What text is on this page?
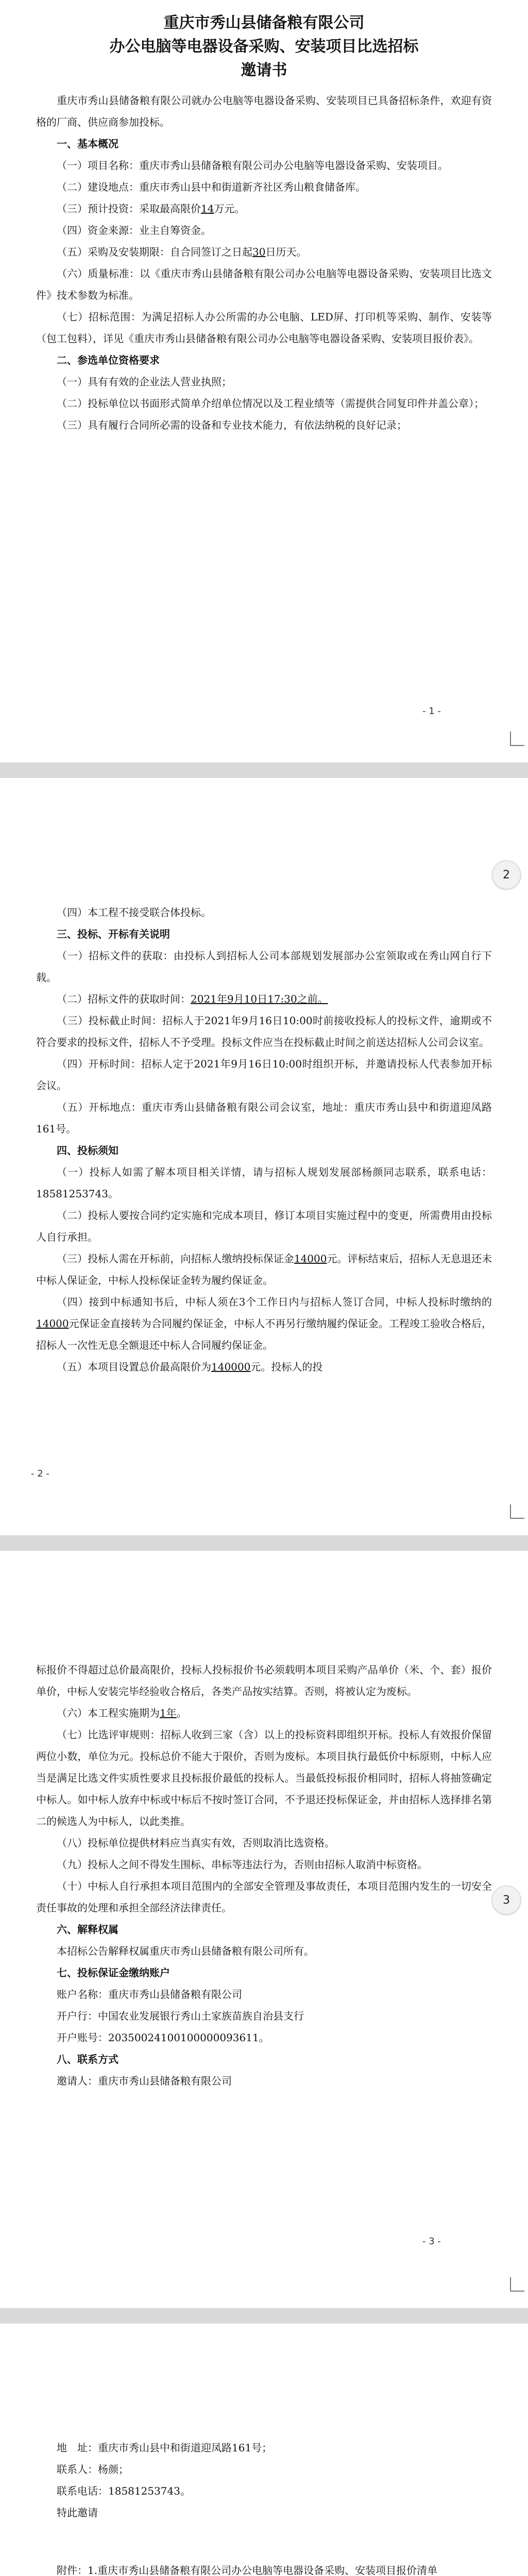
重庆市秀山县储备粮有限公司
办公电脑等电器设备采购、安装项目比选招标
邀请书

重庆市秀山县储备粮有限公司就办公电脑等电器设备采购、安装项目已具备招标条件，欢迎有资格的厂商、供应商参加投标。

一、基本概况

（一）项目名称：重庆市秀山县储备粮有限公司办公电脑等电器设备采购、安装项目。

（二）建设地点：重庆市秀山县中和街道新齐社区秀山粮食储备库。

（三）预计投资：采取最高限价14万元。

（四）资金来源：业主自筹资金。

（五）采购及安装期限：自合同签订之日起30日历天。

（六）质量标准：以《重庆市秀山县储备粮有限公司办公电脑等电器设备采购、安装项目比选文件》技术参数为标准。

（七）招标范围：为满足招标人办公所需的办公电脑、LED屏、打印机等采购、制作、安装等（包工包料），详见《重庆市秀山县储备粮有限公司办公电脑等电器设备采购、安装项目报价表》。

二、参选单位资格要求

（一）具有有效的企业法人营业执照；

（二）投标单位以书面形式简单介绍单位情况以及工程业绩等（需提供合同复印件并盖公章）；

（三）具有履行合同所必需的设备和专业技术能力，有依法纳税的良好记录；

- 1 -
2

（四）本工程不接受联合体投标。

三、投标、开标有关说明

（一）招标文件的获取：由投标人到招标人公司本部规划发展部办公室领取或在秀山网自行下载。

（二）招标文件的获取时间：2021年9月10日17:30之前。

（三）投标截止时间：招标人于2021年9月16日10:00时前接收投标人的投标文件，逾期或不符合要求的投标文件，招标人不予受理。投标文件应当在投标截止时间之前送达招标人公司会议室。

（四）开标时间：招标人定于2021年9月16日10:00时组织开标，并邀请投标人代表参加开标会议。

（五）开标地点：重庆市秀山县储备粮有限公司会议室，地址：重庆市秀山县中和街道迎凤路161号。

四、投标须知

（一）投标人如需了解本项目相关详情，请与招标人规划发展部杨颜同志联系，联系电话：18581253743。

（二）投标人要按合同约定实施和完成本项目，修订本项目实施过程中的变更，所需费用由投标人自行承担。

（三）投标人需在开标前，向招标人缴纳投标保证金14000元。评标结束后，招标人无息退还未中标人保证金，中标人投标保证金转为履约保证金。

（四）接到中标通知书后，中标人须在3个工作日内与招标人签订合同，中标人投标时缴纳的14000元保证金直接转为合同履约保证金，中标人不再另行缴纳履约保证金。工程竣工验收合格后，招标人一次性无息全额退还中标人合同履约保证金。

（五）本项目设置总价最高限价为140000元。投标人的投

- 2 -
3

标报价不得超过总价最高限价，投标人投标报价书必须载明本项目采购产品单价（米、个、套）报价单价，中标人安装完毕经验收合格后，各类产品按实结算。否则，将被认定为废标。

（六）本工程实施期为1年。

（七）比选评审规则：招标人收到三家（含）以上的投标资料即组织开标。投标人有效报价保留两位小数，单位为元。投标总价不能大于限价，否则为废标。本项目执行最低价中标原则，中标人应当是满足比选文件实质性要求且投标报价最低的投标人。当最低投标报价相同时，招标人将抽签确定中标人。如中标人放弃中标或中标后不按时签订合同，不予退还投标保证金，并由招标人选择排名第二的候选人为中标人，以此类推。

（八）投标单位提供材料应当真实有效，否则取消比选资格。

（九）投标人之间不得发生围标、串标等违法行为，否则由招标人取消中标资格。

（十）中标人自行承担本项目范围内的全部安全管理及事故责任，本项目范围内发生的一切安全责任事故的处理和承担全部经济法律责任。

六、解释权属

本招标公告解释权属重庆市秀山县储备粮有限公司所有。

七、投标保证金缴纳账户

账户名称：重庆市秀山县储备粮有限公司

开户行：中国农业发展银行秀山土家族苗族自治县支行

开户账号：20350024100100000093611。

八、联系方式

邀请人：重庆市秀山县储备粮有限公司

- 3 -

地　址：重庆市秀山县中和街道迎凤路161号；

联系人：杨颜；

联系电话：18581253743。

特此邀请

附件：1.重庆市秀山县储备粮有限公司办公电脑等电器设备采购、安装项目报价清单
